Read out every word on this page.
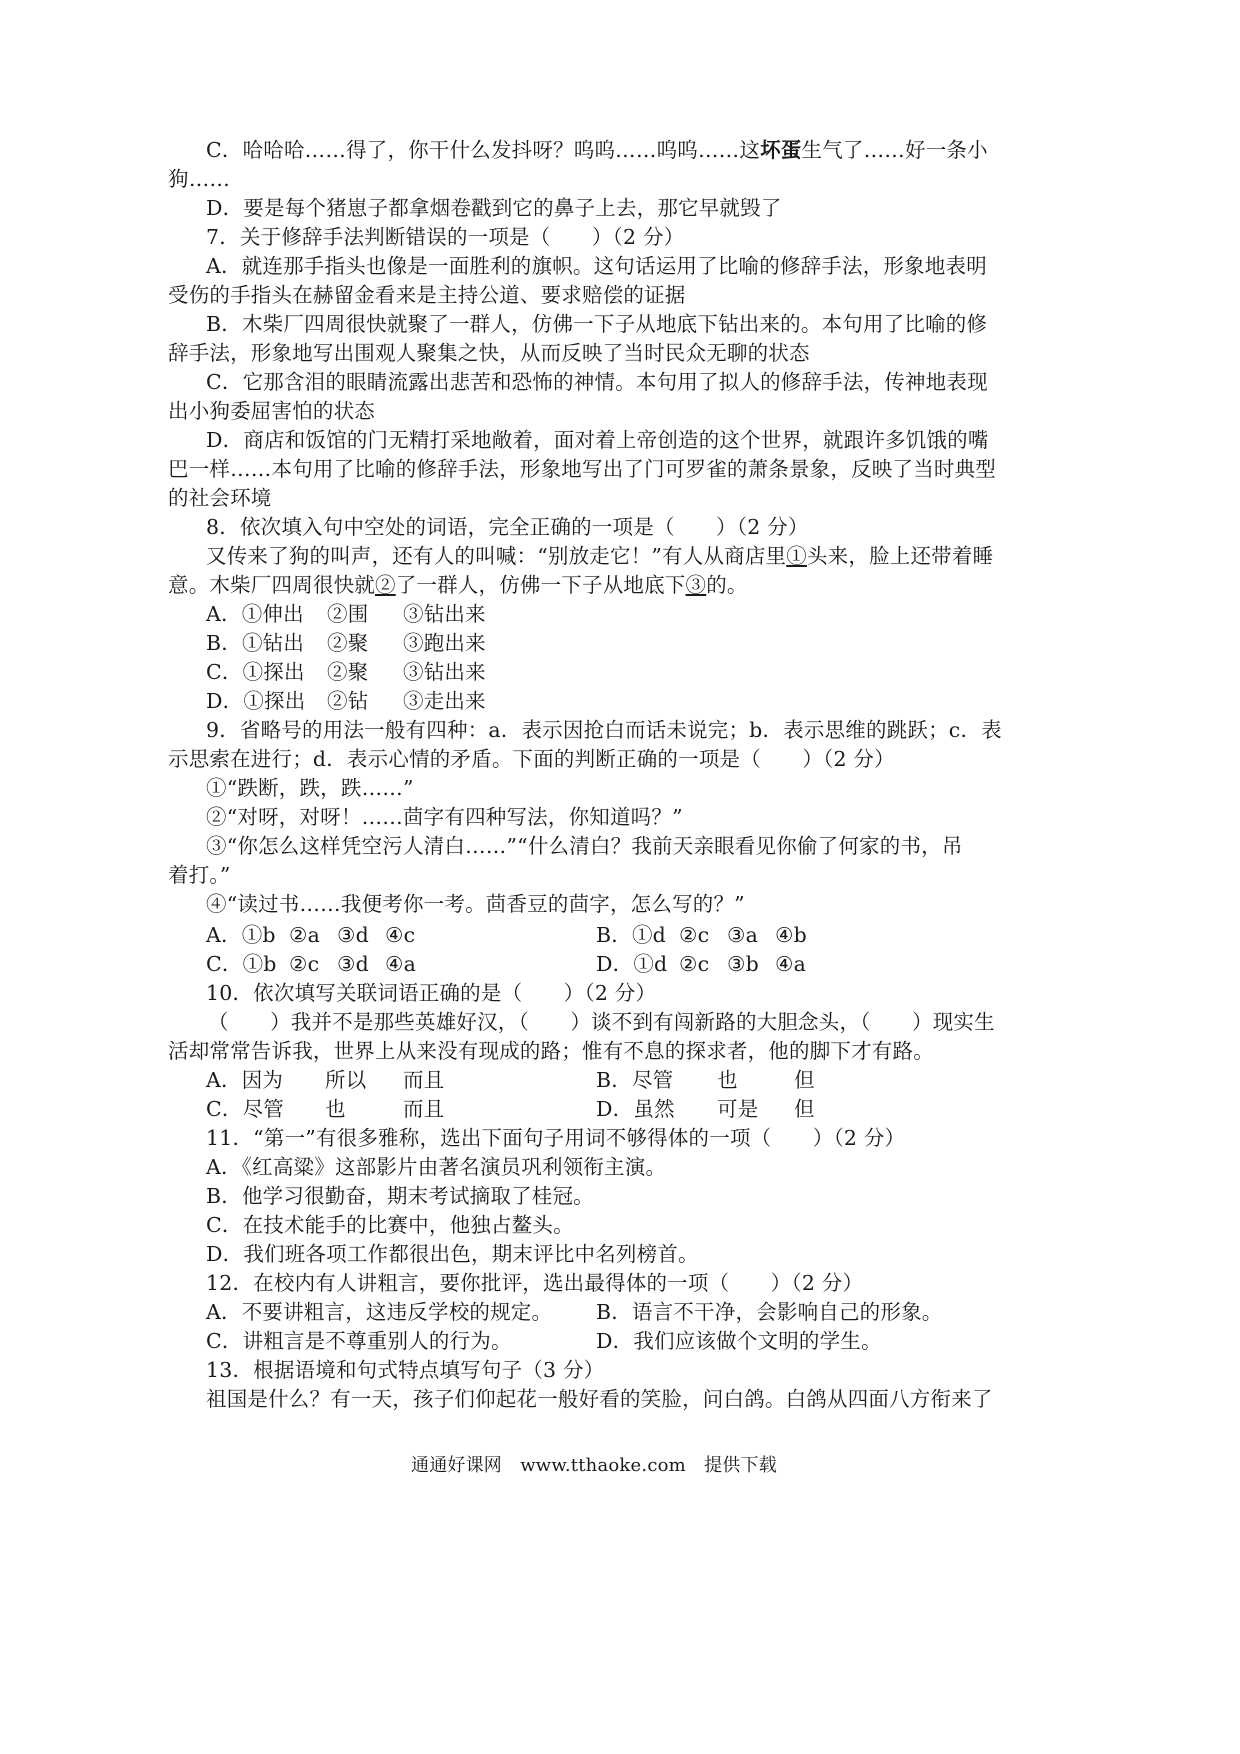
C．哈哈哈……得了，你干什么发抖呀？呜呜……呜呜……这坏蛋生气了……好一条小
狗……
D．要是每个猪崽子都拿烟卷戳到它的鼻子上去，那它早就毁了
7．关于修辞手法判断错误的一项是（　　）（2 分）
A．就连那手指头也像是一面胜利的旗帜。这句话运用了比喻的修辞手法，形象地表明
受伤的手指头在赫留金看来是主持公道、要求赔偿的证据
B．木柴厂四周很快就聚了一群人，仿佛一下子从地底下钻出来的。本句用了比喻的修
辞手法，形象地写出围观人聚集之快，从而反映了当时民众无聊的状态
C．它那含泪的眼睛流露出悲苦和恐怖的神情。本句用了拟人的修辞手法，传神地表现
出小狗委屈害怕的状态
D．商店和饭馆的门无精打采地敞着，面对着上帝创造的这个世界，就跟许多饥饿的嘴
巴一样……本句用了比喻的修辞手法，形象地写出了门可罗雀的萧条景象，反映了当时典型
的社会环境
8．依次填入句中空处的词语，完全正确的一项是（　　）（2 分）
又传来了狗的叫声，还有人的叫喊：“别放走它！”有人从商店里①头来，脸上还带着睡
意。木柴厂四周很快就②了一群人，仿佛一下子从地底下③的。
A．①伸出 ②围 ③钻出来
B．①钻出 ②聚 ③跑出来
C．①探出 ②聚 ③钻出来
D．①探出 ②钻 ③走出来
9．省略号的用法一般有四种：a．表示因抢白而话未说完；b．表示思维的跳跃；c．表
示思索在进行；d．表示心情的矛盾。下面的判断正确的一项是（　　）（2 分）
①“跌断，跌，跌……”
②“对呀，对呀！……茴字有四种写法，你知道吗？”
③“你怎么这样凭空污人清白……”“什么清白？我前天亲眼看见你偷了何家的书，吊
着打。”
④“读过书……我便考你一考。茴香豆的茴字，怎么写的？”
A．①b ②a ③d ④c	B．①d ②c ③a ④b
C．①b ②c ③d ④a	D．①d ②c ③b ④a
10．依次填写关联词语正确的是（　　）（2 分）
（　　）我并不是那些英雄好汉，（　　）谈不到有闯新路的大胆念头，（　　）现实生
活却常常告诉我，世界上从来没有现成的路；惟有不息的探求者，他的脚下才有路。
A．因为 所以 而且	B．尽管 也	但
C．尽管 也	而且	D．虽然 可是 但
11．“第一”有很多雅称，选出下面句子用词不够得体的一项（　　）（2 分）
A．《红高粱》这部影片由著名演员巩利领衔主演。
B．他学习很勤奋，期末考试摘取了桂冠。
C．在技术能手的比赛中，他独占鳌头。
D．我们班各项工作都很出色，期末评比中名列榜首。
12．在校内有人讲粗言，要你批评，选出最得体的一项（　　）（2 分）
A．不要讲粗言，这违反学校的规定。 B．语言不干净，会影响自己的形象。
C．讲粗言是不尊重别人的行为。	D．我们应该做个文明的学生。
13．根据语境和句式特点填写句子（3 分）
祖国是什么？有一天，孩子们仰起花一般好看的笑脸，问白鸽。白鸽从四面八方衔来了
通通好课网　www.tthaoke.com　提供下载
